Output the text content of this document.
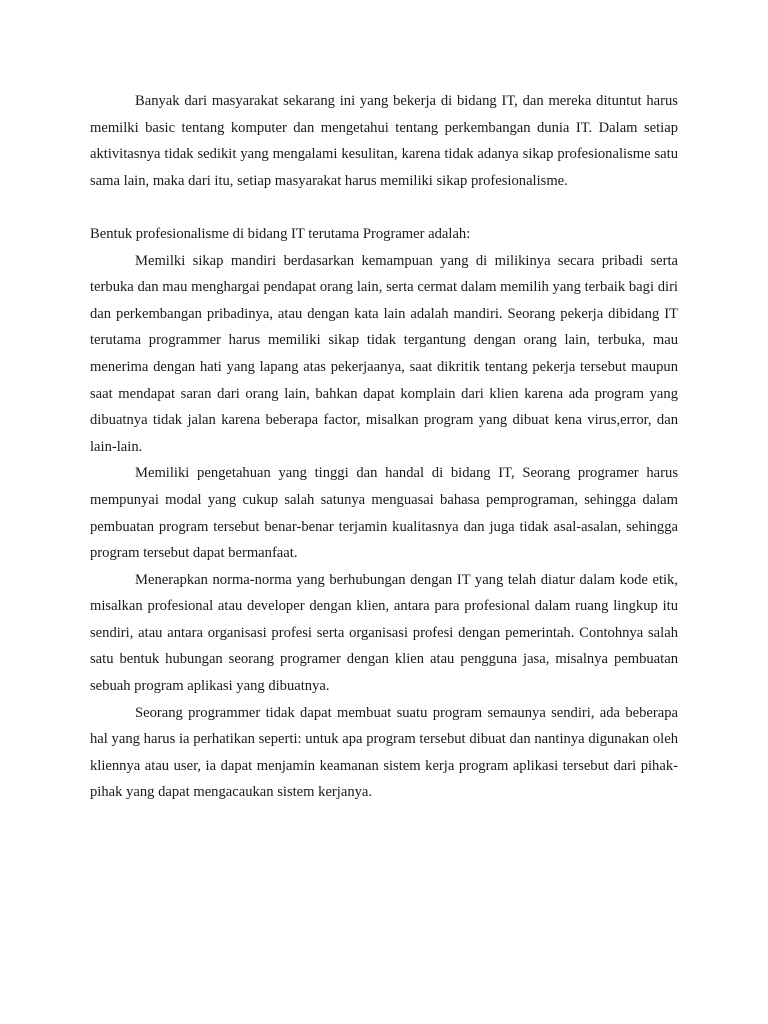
Banyak dari masyarakat sekarang ini yang bekerja di bidang IT, dan mereka dituntut harus memilki basic tentang komputer dan mengetahui tentang perkembangan dunia IT. Dalam setiap aktivitasnya tidak sedikit yang mengalami kesulitan, karena tidak adanya sikap profesionalisme satu sama lain, maka dari itu, setiap masyarakat harus memiliki sikap profesionalisme.

Bentuk profesionalisme di bidang IT terutama Programer adalah:

Memilki sikap mandiri berdasarkan kemampuan yang di milikinya secara pribadi serta terbuka dan mau menghargai pendapat orang lain, serta cermat dalam memilih yang terbaik bagi diri dan perkembangan pribadinya, atau dengan kata lain adalah mandiri. Seorang pekerja dibidang IT terutama programmer harus memiliki sikap tidak tergantung dengan orang lain, terbuka, mau menerima dengan hati yang lapang atas pekerjaanya, saat dikritik tentang pekerja tersebut maupun saat mendapat saran dari orang lain, bahkan dapat komplain dari klien karena ada program yang dibuatnya tidak jalan karena beberapa factor, misalkan program yang dibuat kena virus,error, dan lain-lain.

Memiliki pengetahuan yang tinggi dan handal di bidang IT, Seorang programer harus mempunyai modal yang cukup salah satunya menguasai bahasa pemprograman, sehingga dalam pembuatan program tersebut benar-benar terjamin kualitasnya dan juga tidak asal-asalan, sehingga program tersebut dapat bermanfaat.

Menerapkan norma-norma yang berhubungan dengan IT yang telah diatur dalam kode etik, misalkan profesional atau developer dengan klien, antara para profesional dalam ruang lingkup itu sendiri, atau antara organisasi profesi serta organisasi profesi dengan pemerintah. Contohnya salah satu bentuk hubungan seorang programer dengan klien atau pengguna jasa, misalnya pembuatan sebuah program aplikasi yang dibuatnya.

Seorang programmer tidak dapat membuat suatu program semaunya sendiri, ada beberapa hal yang harus ia perhatikan seperti: untuk apa program tersebut dibuat dan nantinya digunakan oleh kliennya atau user, ia dapat menjamin keamanan sistem kerja program aplikasi tersebut dari pihak-pihak yang dapat mengacaukan sistem kerjanya.
